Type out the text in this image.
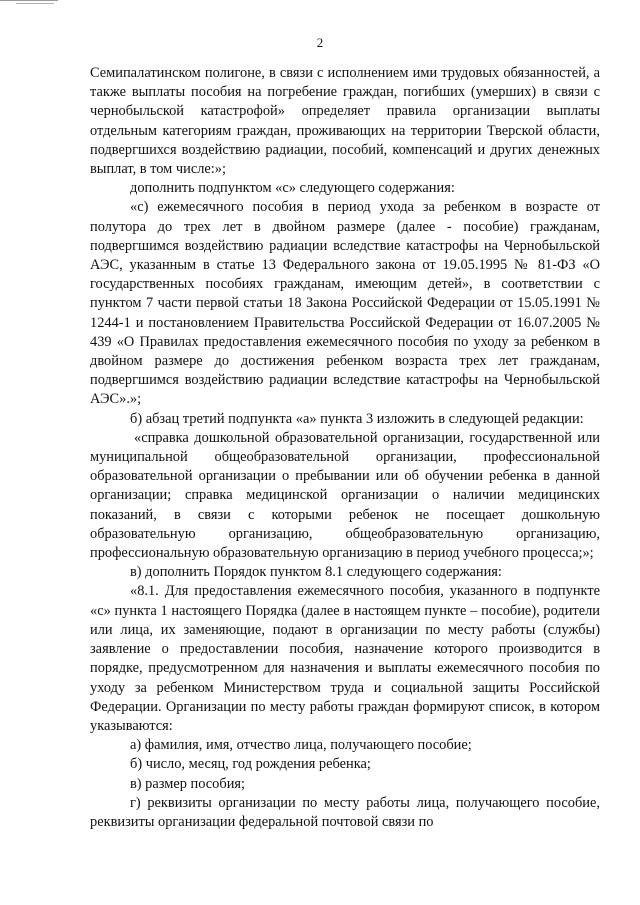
2

Семипалатинском полигоне, в связи с исполнением ими трудовых обязанностей, а также выплаты пособия на погребение граждан, погибших (умерших) в связи с чернобыльской катастрофой» определяет правила организации выплаты отдельным категориям граждан, проживающих на территории Тверской области, подвергшихся воздействию радиации, пособий, компенсаций и других денежных выплат, в том числе:»;

дополнить подпунктом «с» следующего содержания:

«с) ежемесячного пособия в период ухода за ребенком в возрасте от полутора до трех лет в двойном размере (далее - пособие) гражданам, подвергшимся воздействию радиации вследствие катастрофы на Чернобыльской АЭС, указанным в статье 13 Федерального закона от 19.05.1995 № 81-ФЗ «О государственных пособиях гражданам, имеющим детей», в соответствии с пунктом 7 части первой статьи 18 Закона Российской Федерации от 15.05.1991 № 1244-1 и постановлением Правительства Российской Федерации от 16.07.2005 № 439 «О Правилах предоставления ежемесячного пособия по уходу за ребенком в двойном размере до достижения ребенком возраста трех лет гражданам, подвергшимся воздействию радиации вследствие катастрофы на Чернобыльской АЭС».»;

б) абзац третий подпункта «а» пункта 3 изложить в следующей редакции:

«справка дошкольной образовательной организации, государственной или муниципальной общеобразовательной организации, профессиональной образовательной организации о пребывании или об обучении ребенка в данной организации; справка медицинской организации о наличии медицинских показаний, в связи с которыми ребенок не посещает дошкольную образовательную организацию, общеобразовательную организацию, профессиональную образовательную организацию в период учебного процесса;»;

в) дополнить Порядок пунктом 8.1 следующего содержания:

«8.1. Для предоставления ежемесячного пособия, указанного в подпункте «с» пункта 1 настоящего Порядка (далее в настоящем пункте – пособие), родители или лица, их заменяющие, подают в организации по месту работы (службы) заявление о предоставлении пособия, назначение которого производится в порядке, предусмотренном для назначения и выплаты ежемесячного пособия по уходу за ребенком Министерством труда и социальной защиты Российской Федерации. Организации по месту работы граждан формируют список, в котором указываются:

а) фамилия, имя, отчество лица, получающего пособие;

б) число, месяц, год рождения ребенка;

в) размер пособия;

г) реквизиты организации по месту работы лица, получающего пособие, реквизиты организации федеральной почтовой связи по
